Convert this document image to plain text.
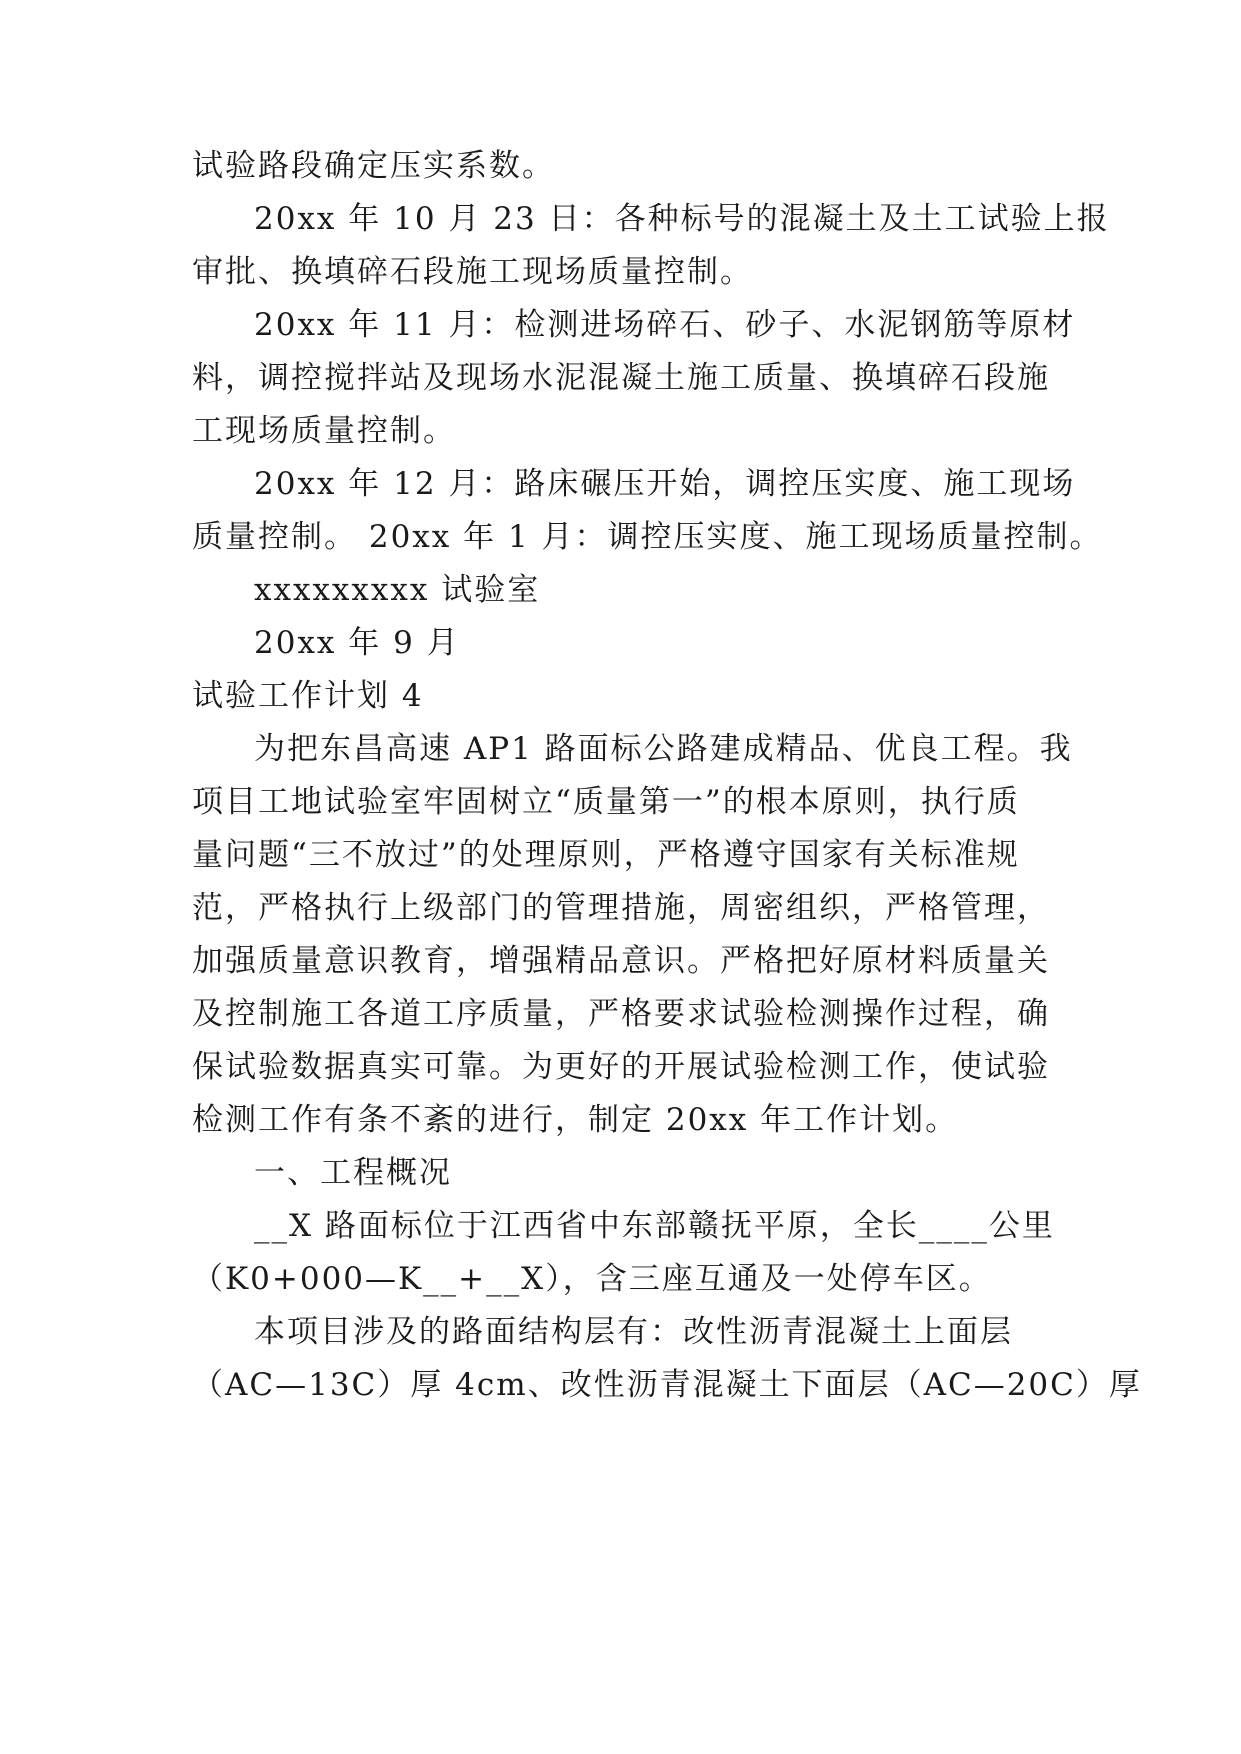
试验路段确定压实系数。
20xx 年 10 月 23 日：各种标号的混凝土及土工试验上报
审批、换填碎石段施工现场质量控制。
20xx 年 11 月：检测进场碎石、砂子、水泥钢筋等原材
料，调控搅拌站及现场水泥混凝土施工质量、换填碎石段施
工现场质量控制。
20xx 年 12 月：路床碾压开始，调控压实度、施工现场
质量控制。 20xx 年 1 月：调控压实度、施工现场质量控制。
xxxxxxxxx 试验室
20xx 年 9 月
试验工作计划 4
为把东昌高速 AP1 路面标公路建成精品、优良工程。我
项目工地试验室牢固树立“质量第一”的根本原则，执行质
量问题“三不放过”的处理原则，严格遵守国家有关标准规
范，严格执行上级部门的管理措施，周密组织，严格管理，
加强质量意识教育，增强精品意识。严格把好原材料质量关
及控制施工各道工序质量，严格要求试验检测操作过程，确
保试验数据真实可靠。为更好的开展试验检测工作，使试验
检测工作有条不紊的进行，制定 20xx 年工作计划。
一、工程概况
__X 路面标位于江西省中东部赣抚平原，全长____公里
（K0+000—K__+__X），含三座互通及一处停车区。
本项目涉及的路面结构层有：改性沥青混凝土上面层
（AC—13C）厚 4cm、改性沥青混凝土下面层（AC—20C）厚
